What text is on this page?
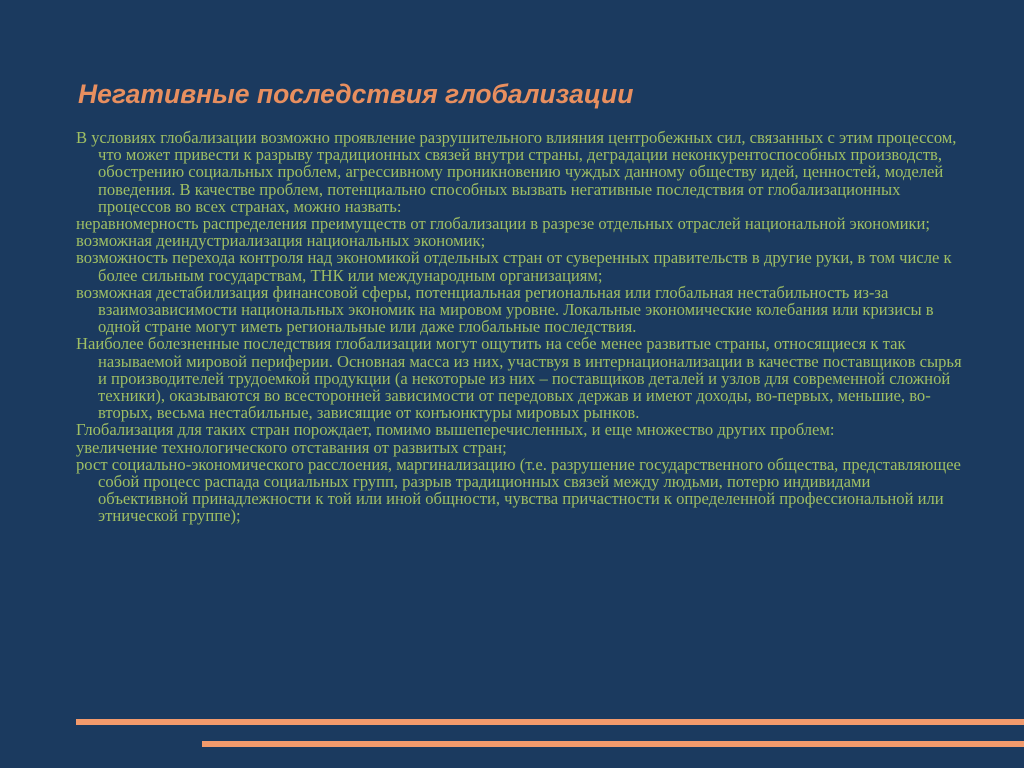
Негативные последствия глобализации

В условиях глобализации возможно проявление разрушительного влияния центробежных сил, связанных с этим процессом, что может привести к разрыву традиционных связей внутри страны, деградации неконкурентоспособных производств, обострению социальных проблем, агрессивному проникновению чуждых данному обществу идей, ценностей, моделей поведения. В качестве проблем, потенциально способных вызвать негативные последствия от глобализационных процессов во всех странах, можно назвать:

неравномерность распределения преимуществ от глобализации в разрезе отдельных отраслей национальной экономики;

возможная деиндустриализация национальных экономик;

возможность перехода контроля над экономикой отдельных стран от суверенных правительств в другие руки, в том числе к более сильным государствам, ТНК или международным организациям;

возможная дестабилизация финансовой сферы, потенциальная региональная или глобальная нестабильность из-за взаимозависимости национальных экономик на мировом уровне. Локальные экономические колебания или кризисы в одной стране могут иметь региональные или даже глобальные последствия.

Наиболее болезненные последствия глобализации могут ощутить на себе менее развитые страны, относящиеся к так называемой мировой периферии. Основная масса из них, участвуя в интернационализации в качестве поставщиков сырья и производителей трудоемкой продукции (а некоторые из них – поставщиков деталей и узлов для современной сложной техники), оказываются во всесторонней зависимости от передовых держав и имеют доходы, во-первых, меньшие, во-вторых, весьма нестабильные, зависящие от конъюнктуры мировых рынков.

Глобализация для таких стран порождает, помимо вышеперечисленных, и еще множество других проблем:

увеличение технологического отставания от развитых стран;

рост социально-экономического расслоения, маргинализацию (т.е. разрушение государственного общества, представляющее собой процесс распада социальных групп, разрыв традиционных связей между людьми, потерю индивидами объективной принадлежности к той или иной общности, чувства причастности к определенной профессиональной или этнической группе);
